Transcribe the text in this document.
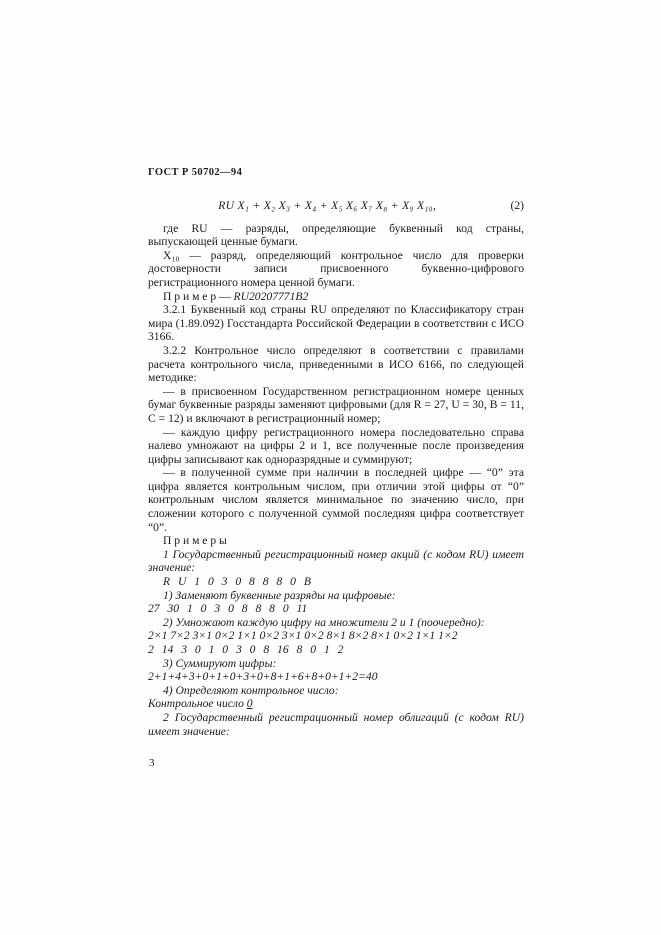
ГОСТ Р 50702—94
RU X₁ + X₂ X₃ + X₄ + X₅ X₆ X₇ X₈ + X₉ X₁₀,	(2)

где RU — разряды, определяющие буквенный код страны, выпускающей ценные бумаги.

X₁₀ — разряд, определяющий контрольное число для проверки достоверности записи присвоенного буквенно-цифрового регистрационного номера ценной бумаги.

П р и м е р — RU20207771B2

3.2.1 Буквенный код страны RU определяют по Классификатору стран мира (1.89.092) Госстандарта Российской Федерации в соответствии с ИСО 3166.

3.2.2 Контрольное число определяют в соответствии с правилами расчета контрольного числа, приведенными в ИСО 6166, по следующей методике:

— в присвоенном Государственном регистрационном номере ценных бумаг буквенные разряды заменяют цифровыми (для R = 27, U = 30, B = 11, C = 12) и включают в регистрационный номер;

— каждую цифру регистрационного номера последовательно справа налево умножают на цифры 2 и 1, все полученные после произведения цифры записывают как одноразрядные и суммируют;

— в полученной сумме при наличии в последней цифре — “0” эта цифра является контрольным числом, при отличии этой цифры от “0” контрольным числом является минимальное по значению число, при сложении которого с полученной суммой последняя цифра соответствует “0”.

П р и м е р ы

1 Государственный регистрационный номер акций (с кодом RU) имеет значение:

R U 1 0 3 0 8 8 8 0 B

1) Заменяют буквенные разряды на цифровые:

27 30 1 0 3 0 8 8 8 0 11

2) Умножают каждую цифру на множители 2 и 1 (поочередно):

2×1 7×2 3×1 0×2 1×1 0×2 3×1 0×2 8×1 8×2 8×1 0×2 1×1 1×2

2 14 3 0 1 0 3 0 8 16 8 0 1 2

3) Суммируют цифры:

2+1+4+3+0+1+0+3+0+8+1+6+8+0+1+2=40

4) Определяют контрольное число:

Контрольное число 0

2 Государственный регистрационный номер облигаций (с кодом RU) имеет значение:

3
